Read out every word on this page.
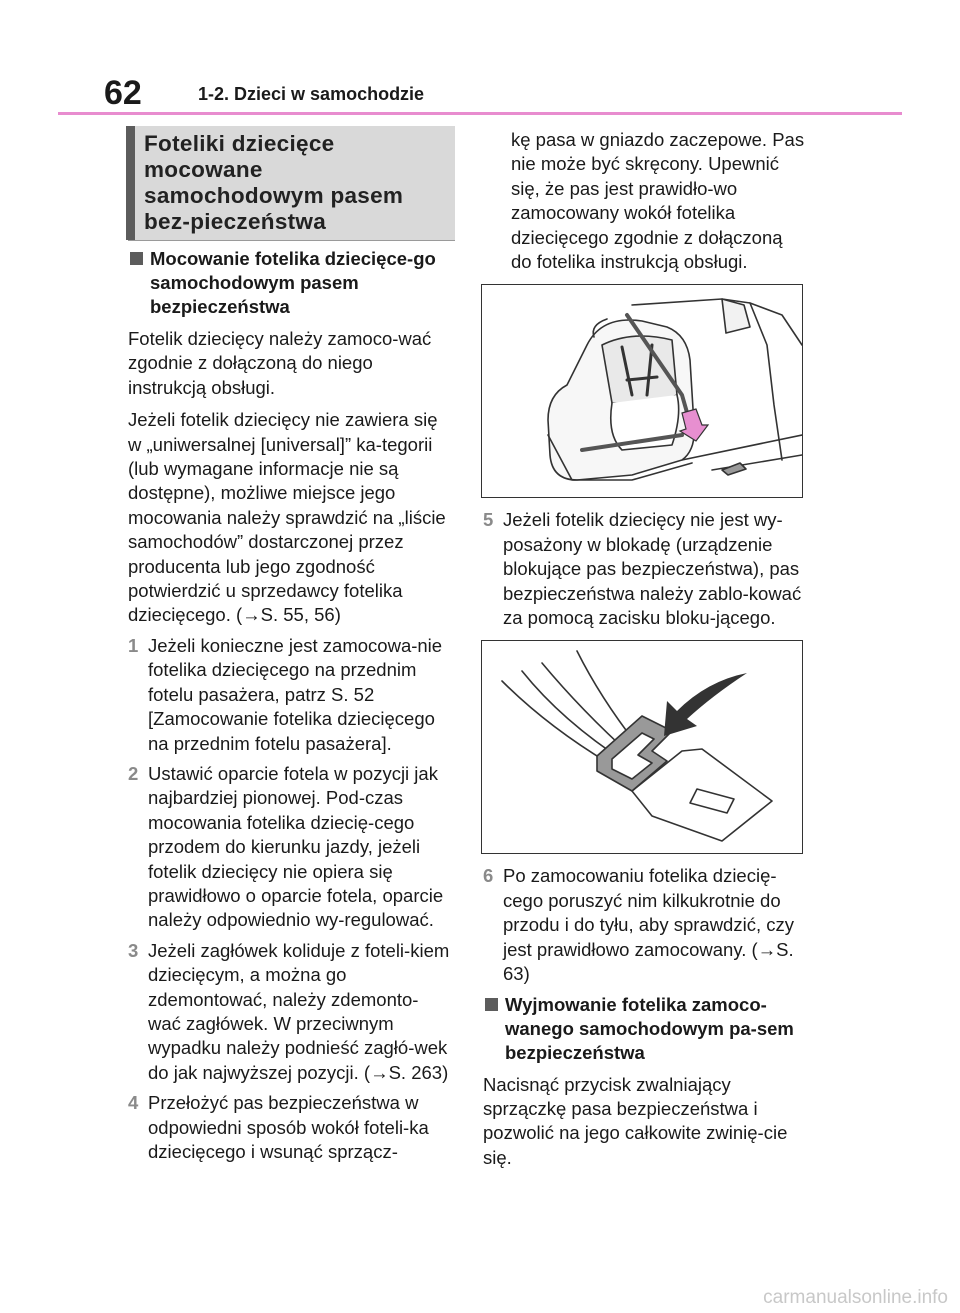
62	1-2. Dzieci w samochodzie
Foteliki dziecięce mocowane samochodowym pasem bez-pieczeństwa
Mocowanie fotelika dziecięce-go samochodowym pasem bezpieczeństwa

Fotelik dziecięcy należy zamoco-wać zgodnie z dołączoną do niego instrukcją obsługi.

Jeżeli fotelik dziecięcy nie zawiera się w „uniwersalnej [universal]” ka-tegorii (lub wymagane informacje nie są dostępne), możliwe miejsce jego mocowania należy sprawdzić na „liście samochodów” dostarczonej przez producenta lub jego zgodność potwierdzić u sprzedawcy fotelika dziecięcego. (→S. 55, 56)

1 Jeżeli konieczne jest zamocowa-nie fotelika dziecięcego na przednim fotelu pasażera, patrz S. 52 [Zamocowanie fotelika dziecięcego na przednim fotelu pasażera].
2 Ustawić oparcie fotela w pozycji jak najbardziej pionowej. Pod-czas mocowania fotelika dziecię-cego przodem do kierunku jazdy, jeżeli fotelik dziecięcy nie opiera się prawidłowo o oparcie fotela, oparcie należy odpowiednio wy-regulować.
3 Jeżeli zagłówek koliduje z foteli-kiem dziecięcym, a można go zdemontować, należy zdemonto-wać zagłówek. W przeciwnym wypadku należy podnieść zagłó-wek do jak najwyższej pozycji. (→S. 263)
4 Przełożyć pas bezpieczeństwa w odpowiedni sposób wokół foteli-ka dziecięcego i wsunąć sprzącz-

kę pasa w gniazdo zaczepowe. Pas nie może być skręcony. Upewnić się, że pas jest prawidło-wo zamocowany wokół fotelika dziecięcego zgodnie z dołączoną do fotelika instrukcją obsługi.

5 Jeżeli fotelik dziecięcy nie jest wy-posażony w blokadę (urządzenie blokujące pas bezpieczeństwa), pas bezpieczeństwa należy zablo-kować za pomocą zacisku bloku-jącego.
6 Po zamocowaniu fotelika dziecię-cego poruszyć nim kilkukrotnie do przodu i do tyłu, aby sprawdzić, czy jest prawidłowo zamocowany. (→S. 63)
Wyjmowanie fotelika zamoco-wanego samochodowym pa-sem bezpieczeństwa

Nacisnąć przycisk zwalniający sprzączkę pasa bezpieczeństwa i pozwolić na jego całkowite zwinię-cie się.

carmanualsonline.info
